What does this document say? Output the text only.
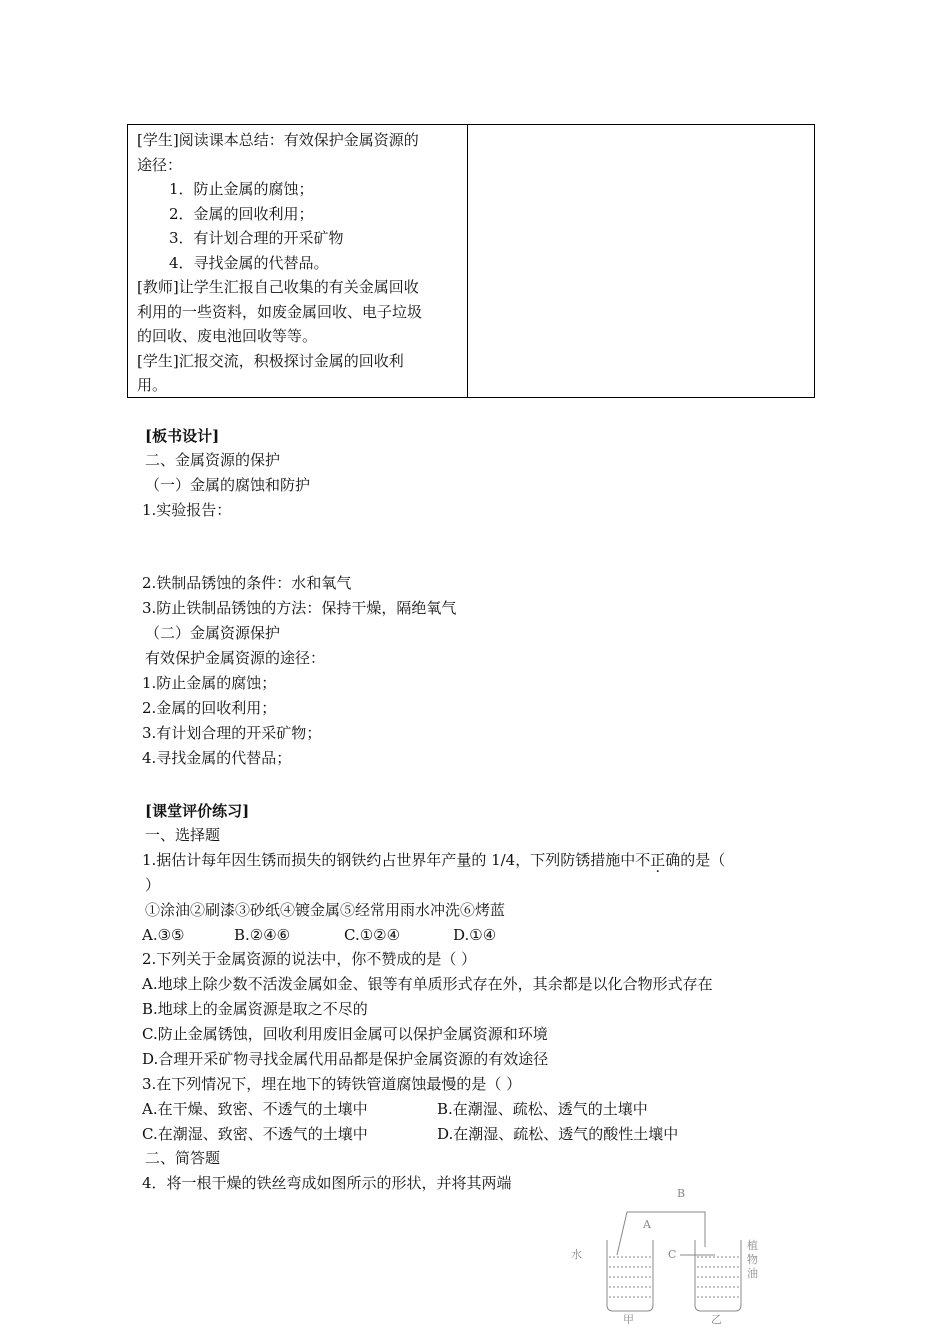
[学生]阅读课本总结：有效保护金属资源的
途径：
1．防止金属的腐蚀；
2．金属的回收利用；
3．有计划合理的开采矿物
4．寻找金属的代替品。
[教师]让学生汇报自己收集的有关金属回收
利用的一些资料，如废金属回收、电子垃圾
的回收、废电池回收等等。
[学生]汇报交流，积极探讨金属的回收利
用。
[板书设计]
二、金属资源的保护
（一）金属的腐蚀和防护
1.实验报告：
2.铁制品锈蚀的条件：水和氧气
3.防止铁制品锈蚀的方法：保持干燥，隔绝氧气
（二）金属资源保护
有效保护金属资源的途径：
1.防止金属的腐蚀；
2.金属的回收利用；
3.有计划合理的开采矿物；
4.寻找金属的代替品；
[课堂评价练习]
一、选择题
1.据估计每年因生锈而损失的钢铁约占世界年产量的 1/4，下列防锈措施中不正确的是（
）
①涂油②刷漆③砂纸④镀金属⑤经常用雨水冲洗⑥烤蓝
A.③⑤	B.②④⑥	C.①②④	D.①④
2.下列关于金属资源的说法中，你不赞成的是（ ）
A.地球上除少数不活泼金属如金、银等有单质形式存在外，其余都是以化合物形式存在
B.地球上的金属资源是取之不尽的
C.防止金属锈蚀，回收利用废旧金属可以保护金属资源和环境
D.合理开采矿物寻找金属代用品都是保护金属资源的有效途径
3.在下列情况下，埋在地下的铸铁管道腐蚀最慢的是（ ）
A.在干燥、致密、不透气的土壤中	B.在潮湿、疏松、透气的土壤中
C.在潮湿、致密、不透气的土壤中	D.在潮湿、疏松、透气的酸性土壤中
二、简答题
4．将一根干燥的铁丝弯成如图所示的形状，并将其两端
B
A
C
水
植
物
油
甲	乙
